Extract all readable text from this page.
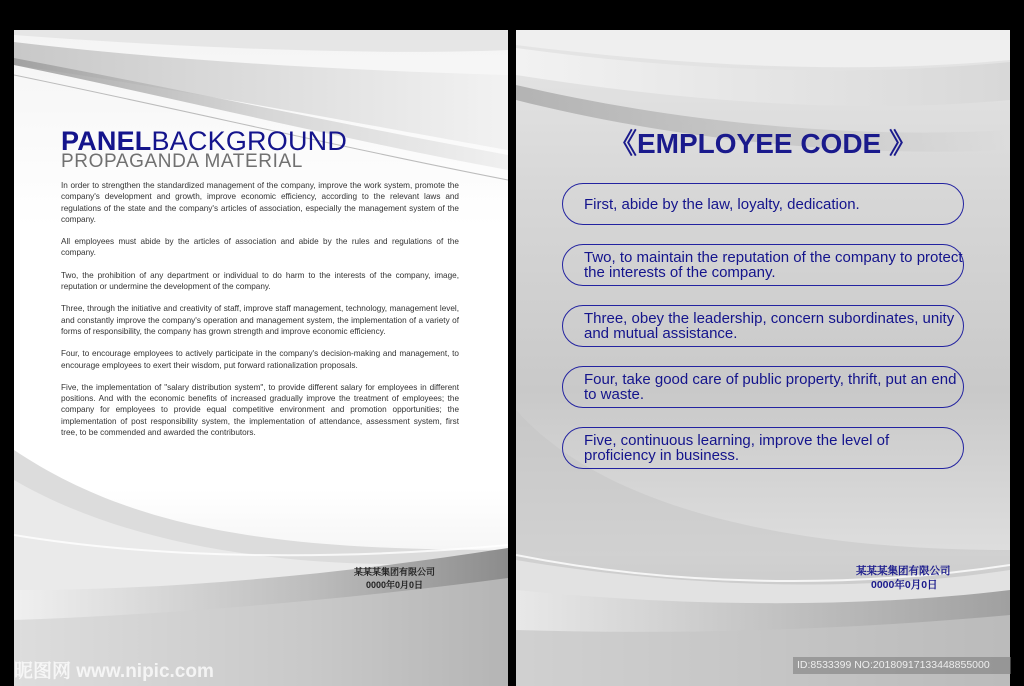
PANELBACKGROUND
PROPAGANDA MATERIAL

In order to strengthen the standardized management of the company, improve the work system, promote the company's development and growth, improve economic efficiency, according to the relevant laws and regulations of the state and the company's articles of association, especially the management system of the company.

All employees must abide by the articles of association and abide by the rules and regulations of the company.

Two, the prohibition of any department or individual to do harm to the interests of the company, image, reputation or undermine the development of the company.

Three, through the initiative and creativity of staff, improve staff management, technology, management level, and constantly improve the company's operation and management system, the implementation of a variety of forms of responsibility, the company has grown strength and improve economic efficiency.

Four, to encourage employees to actively participate in the company's decision-making and management, to encourage employees to exert their wisdom, put forward rationalization proposals.

Five, the implementation of "salary distribution system", to provide different salary for employees in different positions. And with the economic benefits of increased gradually improve the treatment of employees; the company for employees to provide equal competitive environment and promotion opportunities; the implementation of post responsibility system, the implementation of attendance, assessment system, first tree, to be commended and awarded the contributors.

某某某集团有限公司
0000年0月0日
《EMPLOYEE CODE 》
First, abide by the law, loyalty, dedication.
Two, to maintain the reputation of the company to protect the interests of the company.
Three, obey the leadership, concern subordinates, unity and mutual assistance.
Four, take good care of public property, thrift, put an end to waste.
Five, continuous learning, improve the level of proficiency in business.
某某某集团有限公司
0000年0月0日
昵图网 www.nipic.com	ID:8533399 NO:20180917133448855000
